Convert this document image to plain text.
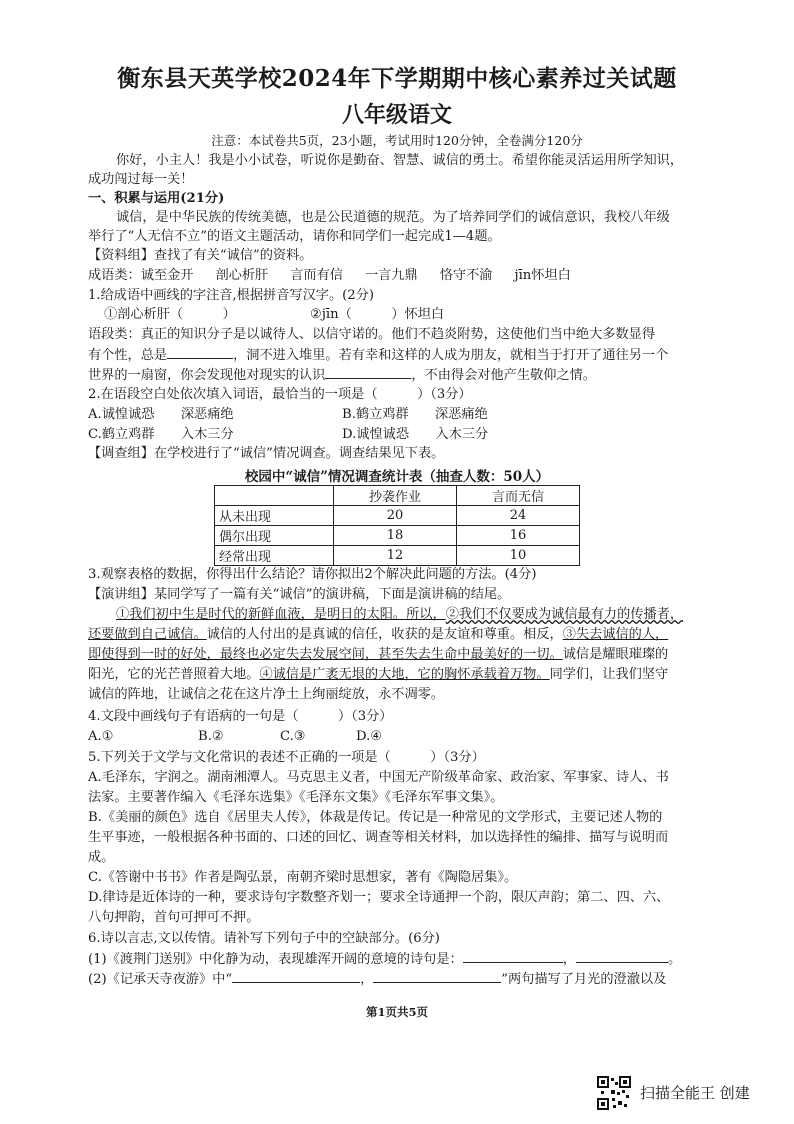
衡东县天英学校2024年下学期期中核心素养过关试题
八年级语文
注意：本试卷共5页，23小题，考试用时120分钟，全卷满分120分
你好，小主人！我是小小试卷，听说你是勤奋、智慧、诚信的勇士。希望你能灵活运用所学知识，
成功闯过每一关！
一、积累与运用(21分)
诚信，是中华民族的传统美德，也是公民道德的规范。为了培养同学们的诚信意识，我校八年级
举行了“人无信不立”的语文主题活动，请你和同学们一起完成1—4题。
【资料组】查找了有关“诚信”的资料。
成语类：诚至金开 剖心析肝 言而有信 一言九鼎 恪守不渝 jīn怀坦白
1.给成语中画线的字注音,根据拼音写汉字。(2分)
①剖心析肝（　　　）	②jīn（　　　）怀坦白
语段类：真正的知识分子是以诚待人、以信守诺的。他们不趋炎附势，这使他们当中绝大多数显得
有个性，总是	，洞不进入堆里。若有幸和这样的人成为朋友，就相当于打开了通往另一个
世界的一扇窗，你会发现他对现实的认识	，不由得会对他产生敬仰之情。
2.在语段空白处依次填入词语，最恰当的一项是（　　　）（3分）
A.诚惶诚恐　　深恶痛绝	B.鹤立鸡群　　深恶痛绝
C.鹤立鸡群　　入木三分	D.诚惶诚恐　　入木三分
【调查组】在学校进行了“诚信”情况调查。调查结果见下表。
校园中“诚信”情况调查统计表（抽查人数：50人）
	抄袭作业	言而无信
从未出现	20	24
偶尔出现	18	16
经常出现	12	10
3.观察表格的数据，你得出什么结论？请你拟出2个解决此问题的方法。(4分)
【演讲组】某同学写了一篇有关“诚信”的演讲稿，下面是演讲稿的结尾。
①我们初中生是时代的新鲜血液，是明日的太阳。所以，②我们不仅要成为诚信最有力的传播者，
还要做到自己诚信。诚信的人付出的是真诚的信任，收获的是友谊和尊重。相反，③失去诚信的人，
即使得到一时的好处，最终也必定失去发展空间，甚至失去生命中最美好的一切。诚信是耀眼璀璨的
阳光，它的光芒普照着大地。④诚信是广袤无垠的大地，它的胸怀承载着万物。同学们，让我们坚守
诚信的阵地，让诚信之花在这片净土上绚丽绽放，永不凋零。
4.文段中画线句子有语病的一句是（　　　）（3分）
A.①	B.②	C.③	D.④
5.下列关于文学与文化常识的表述不正确的一项是（　　　）（3分）
A.毛泽东，字润之。湖南湘潭人。马克思主义者，中国无产阶级革命家、政治家、军事家、诗人、书
法家。主要著作编入《毛泽东选集》《毛泽东文集》《毛泽东军事文集》。
B.《美丽的颜色》选自《居里夫人传》，体裁是传记。传记是一种常见的文学形式，主要记述人物的
生平事迹，一般根据各种书面的、口述的回忆、调查等相关材料，加以选择性的编排、描写与说明而
成。
C.《答谢中书书》作者是陶弘景，南朝齐梁时思想家，著有《陶隐居集》。
D.律诗是近体诗的一种，要求诗句字数整齐划一；要求全诗通押一个韵，限仄声韵；第二、四、六、
八句押韵，首句可押可不押。
6.诗以言志,文以传情。请补写下列句子中的空缺部分。(6分)
(1)《渡荆门送别》中化静为动，表现雄浑开阔的意境的诗句是：	，	。
(2)《记承天寺夜游》中“	，	”两句描写了月光的澄澈以及
第1页共5页
扫描全能王 创建
